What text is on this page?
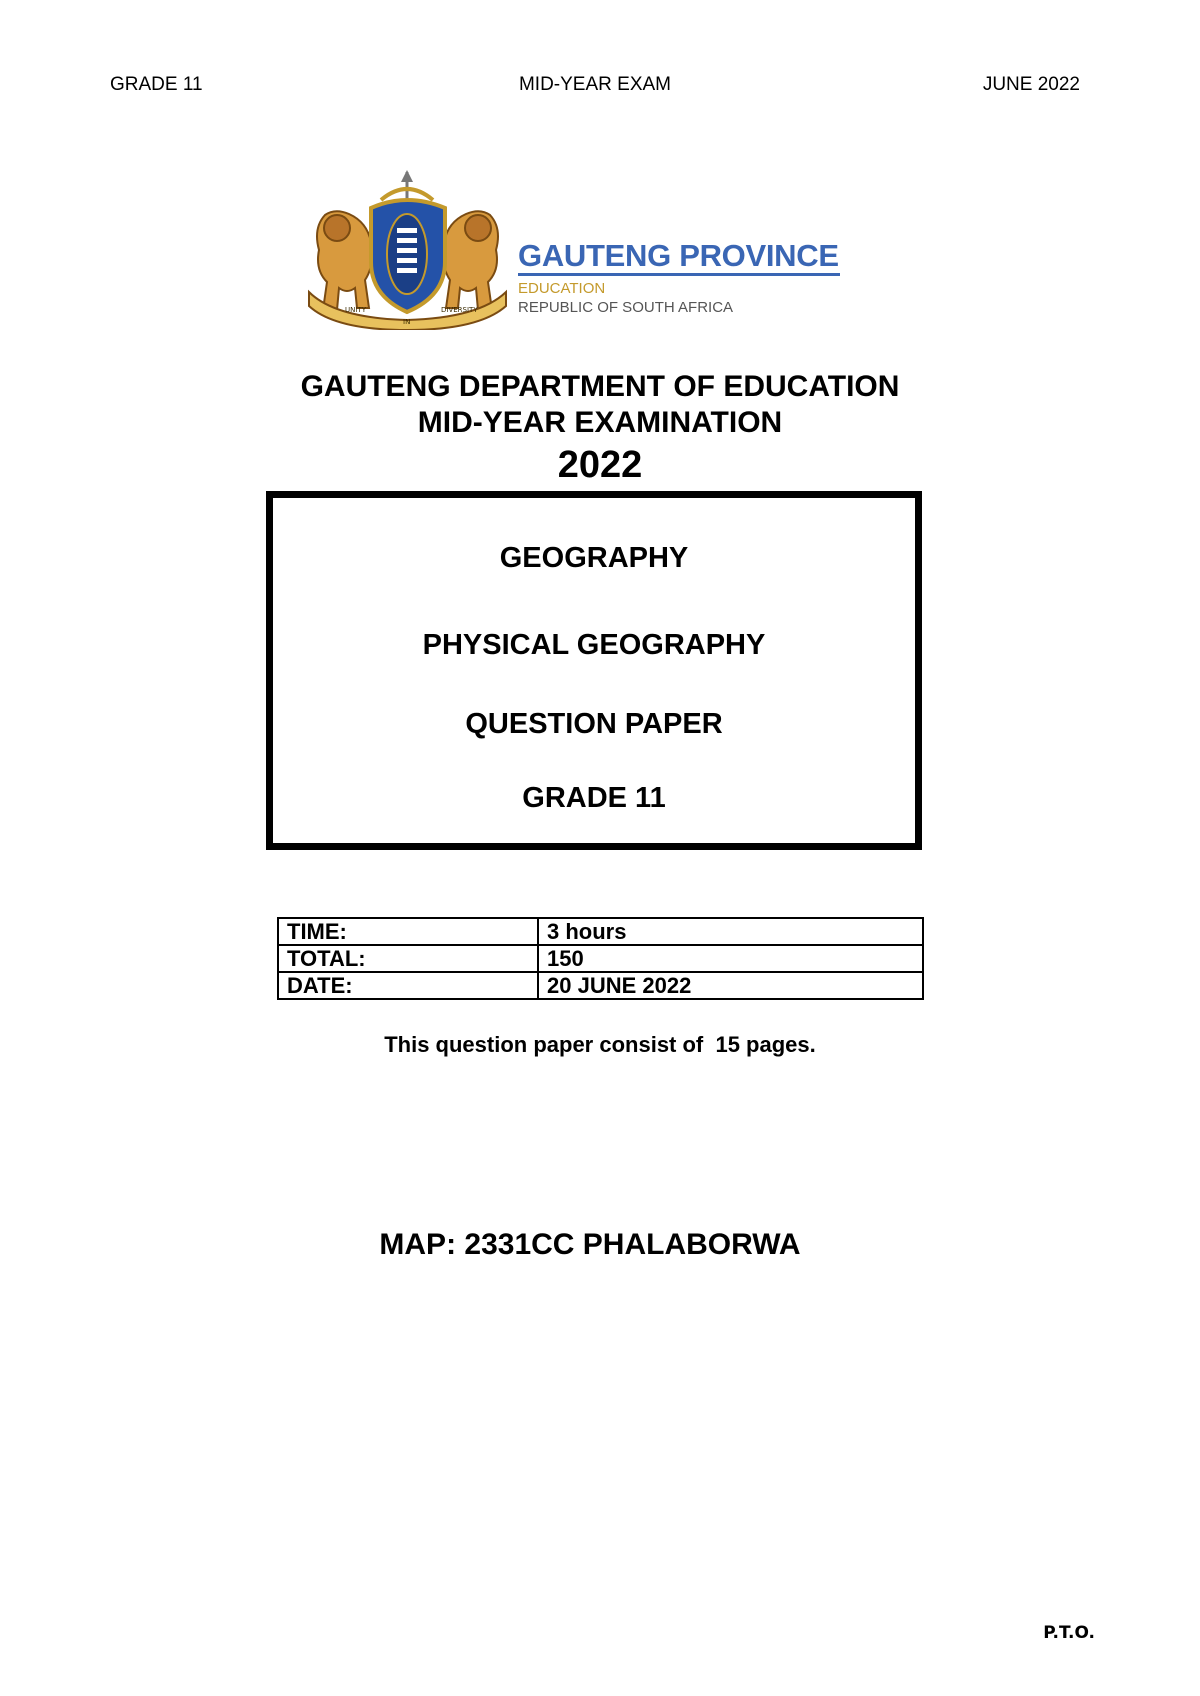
GRADE 11	MID-YEAR EXAM	JUNE 2022
UNITY
IN
DIVERSITY
GAUTENG PROVINCE
EDUCATION
REPUBLIC OF SOUTH AFRICA
GAUTENG DEPARTMENT OF EDUCATION
MID-YEAR EXAMINATION
2022
GEOGRAPHY
PHYSICAL GEOGRAPHY
QUESTION PAPER
GRADE 11
TIME:	3 hours
TOTAL:	150
DATE:	20 JUNE 2022
This question paper consist of  15 pages.
MAP: 2331CC PHALABORWA
P.T.O.
